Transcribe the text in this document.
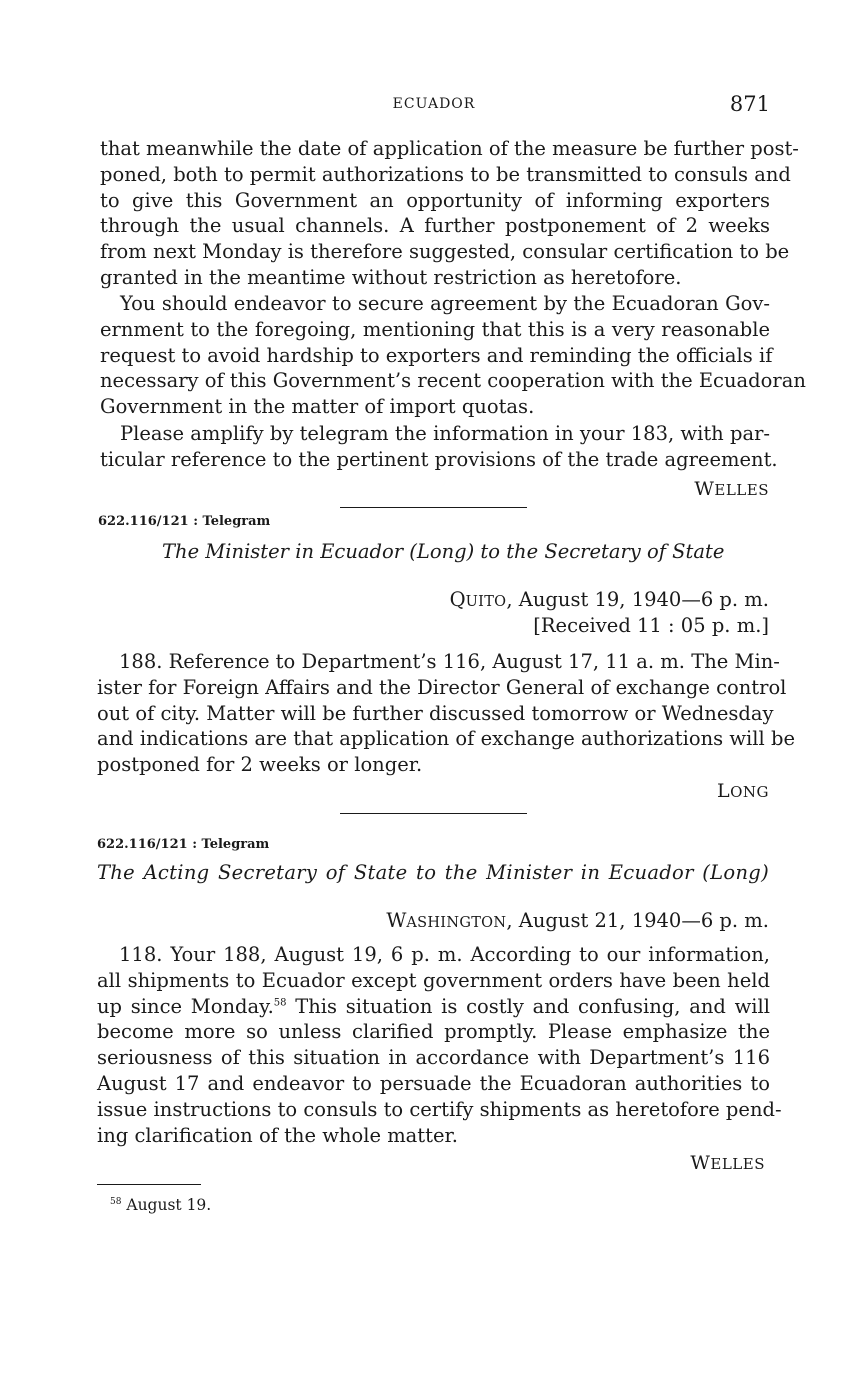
ECUADOR	871
that meanwhile the date of application of the measure be further post-
poned, both to permit authorizations to be transmitted to consuls and
to give this Government an opportunity of informing exporters
through the usual channels. A further postponement of 2 weeks
from next Monday is therefore suggested, consular certification to be
granted in the meantime without restriction as heretofore.
You should endeavor to secure agreement by the Ecuadoran Gov-
ernment to the foregoing, mentioning that this is a very reasonable
request to avoid hardship to exporters and reminding the officials if
necessary of this Government’s recent cooperation with the Ecuadoran
Government in the matter of import quotas.
Please amplify by telegram the information in your 183, with par-
ticular reference to the pertinent provisions of the trade agreement.

WELLES

622.116/121 : Telegram

The Minister in Ecuador (Long) to the Secretary of State

QUITO, August 19, 1940—6 p. m.

[Received 11 : 05 p. m.]

188. Reference to Department’s 116, August 17, 11 a. m. The Min-
ister for Foreign Affairs and the Director General of exchange control
out of city. Matter will be further discussed tomorrow or Wednesday
and indications are that application of exchange authorizations will be
postponed for 2 weeks or longer.

LONG

622.116/121 : Telegram

The Acting Secretary of State to the Minister in Ecuador (Long)

WASHINGTON, August 21, 1940—6 p. m.

118. Your 188, August 19, 6 p. m. According to our information,
all shipments to Ecuador except government orders have been held
up since Monday.$^{58}$ This situation is costly and confusing, and will
become more so unless clarified promptly. Please emphasize the
seriousness of this situation in accordance with Department’s 116
August 17 and endeavor to persuade the Ecuadoran authorities to
issue instructions to consuls to certify shipments as heretofore pend-
ing clarification of the whole matter.

WELLES

$^{58}$ August 19.
